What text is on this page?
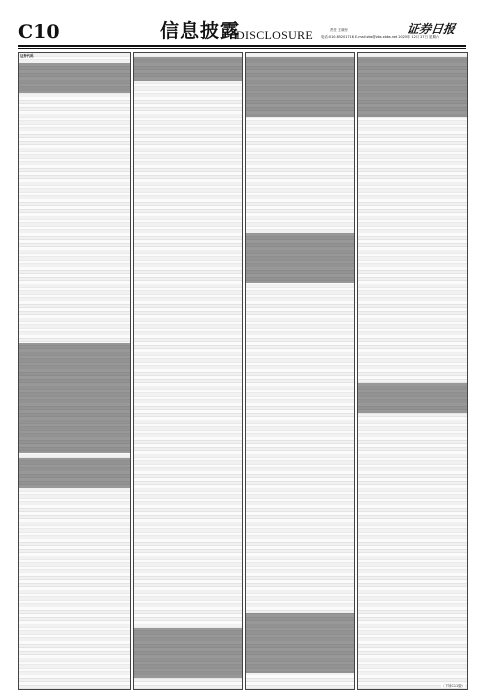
C10	信息披露
DISCLOSURE	责任 王晓东
电话:010-85201716 E-mail:zbs@zbs.xbbs.net 2025年 12月 27日 星期六
证券日报
证券代码
（下转C11版）
